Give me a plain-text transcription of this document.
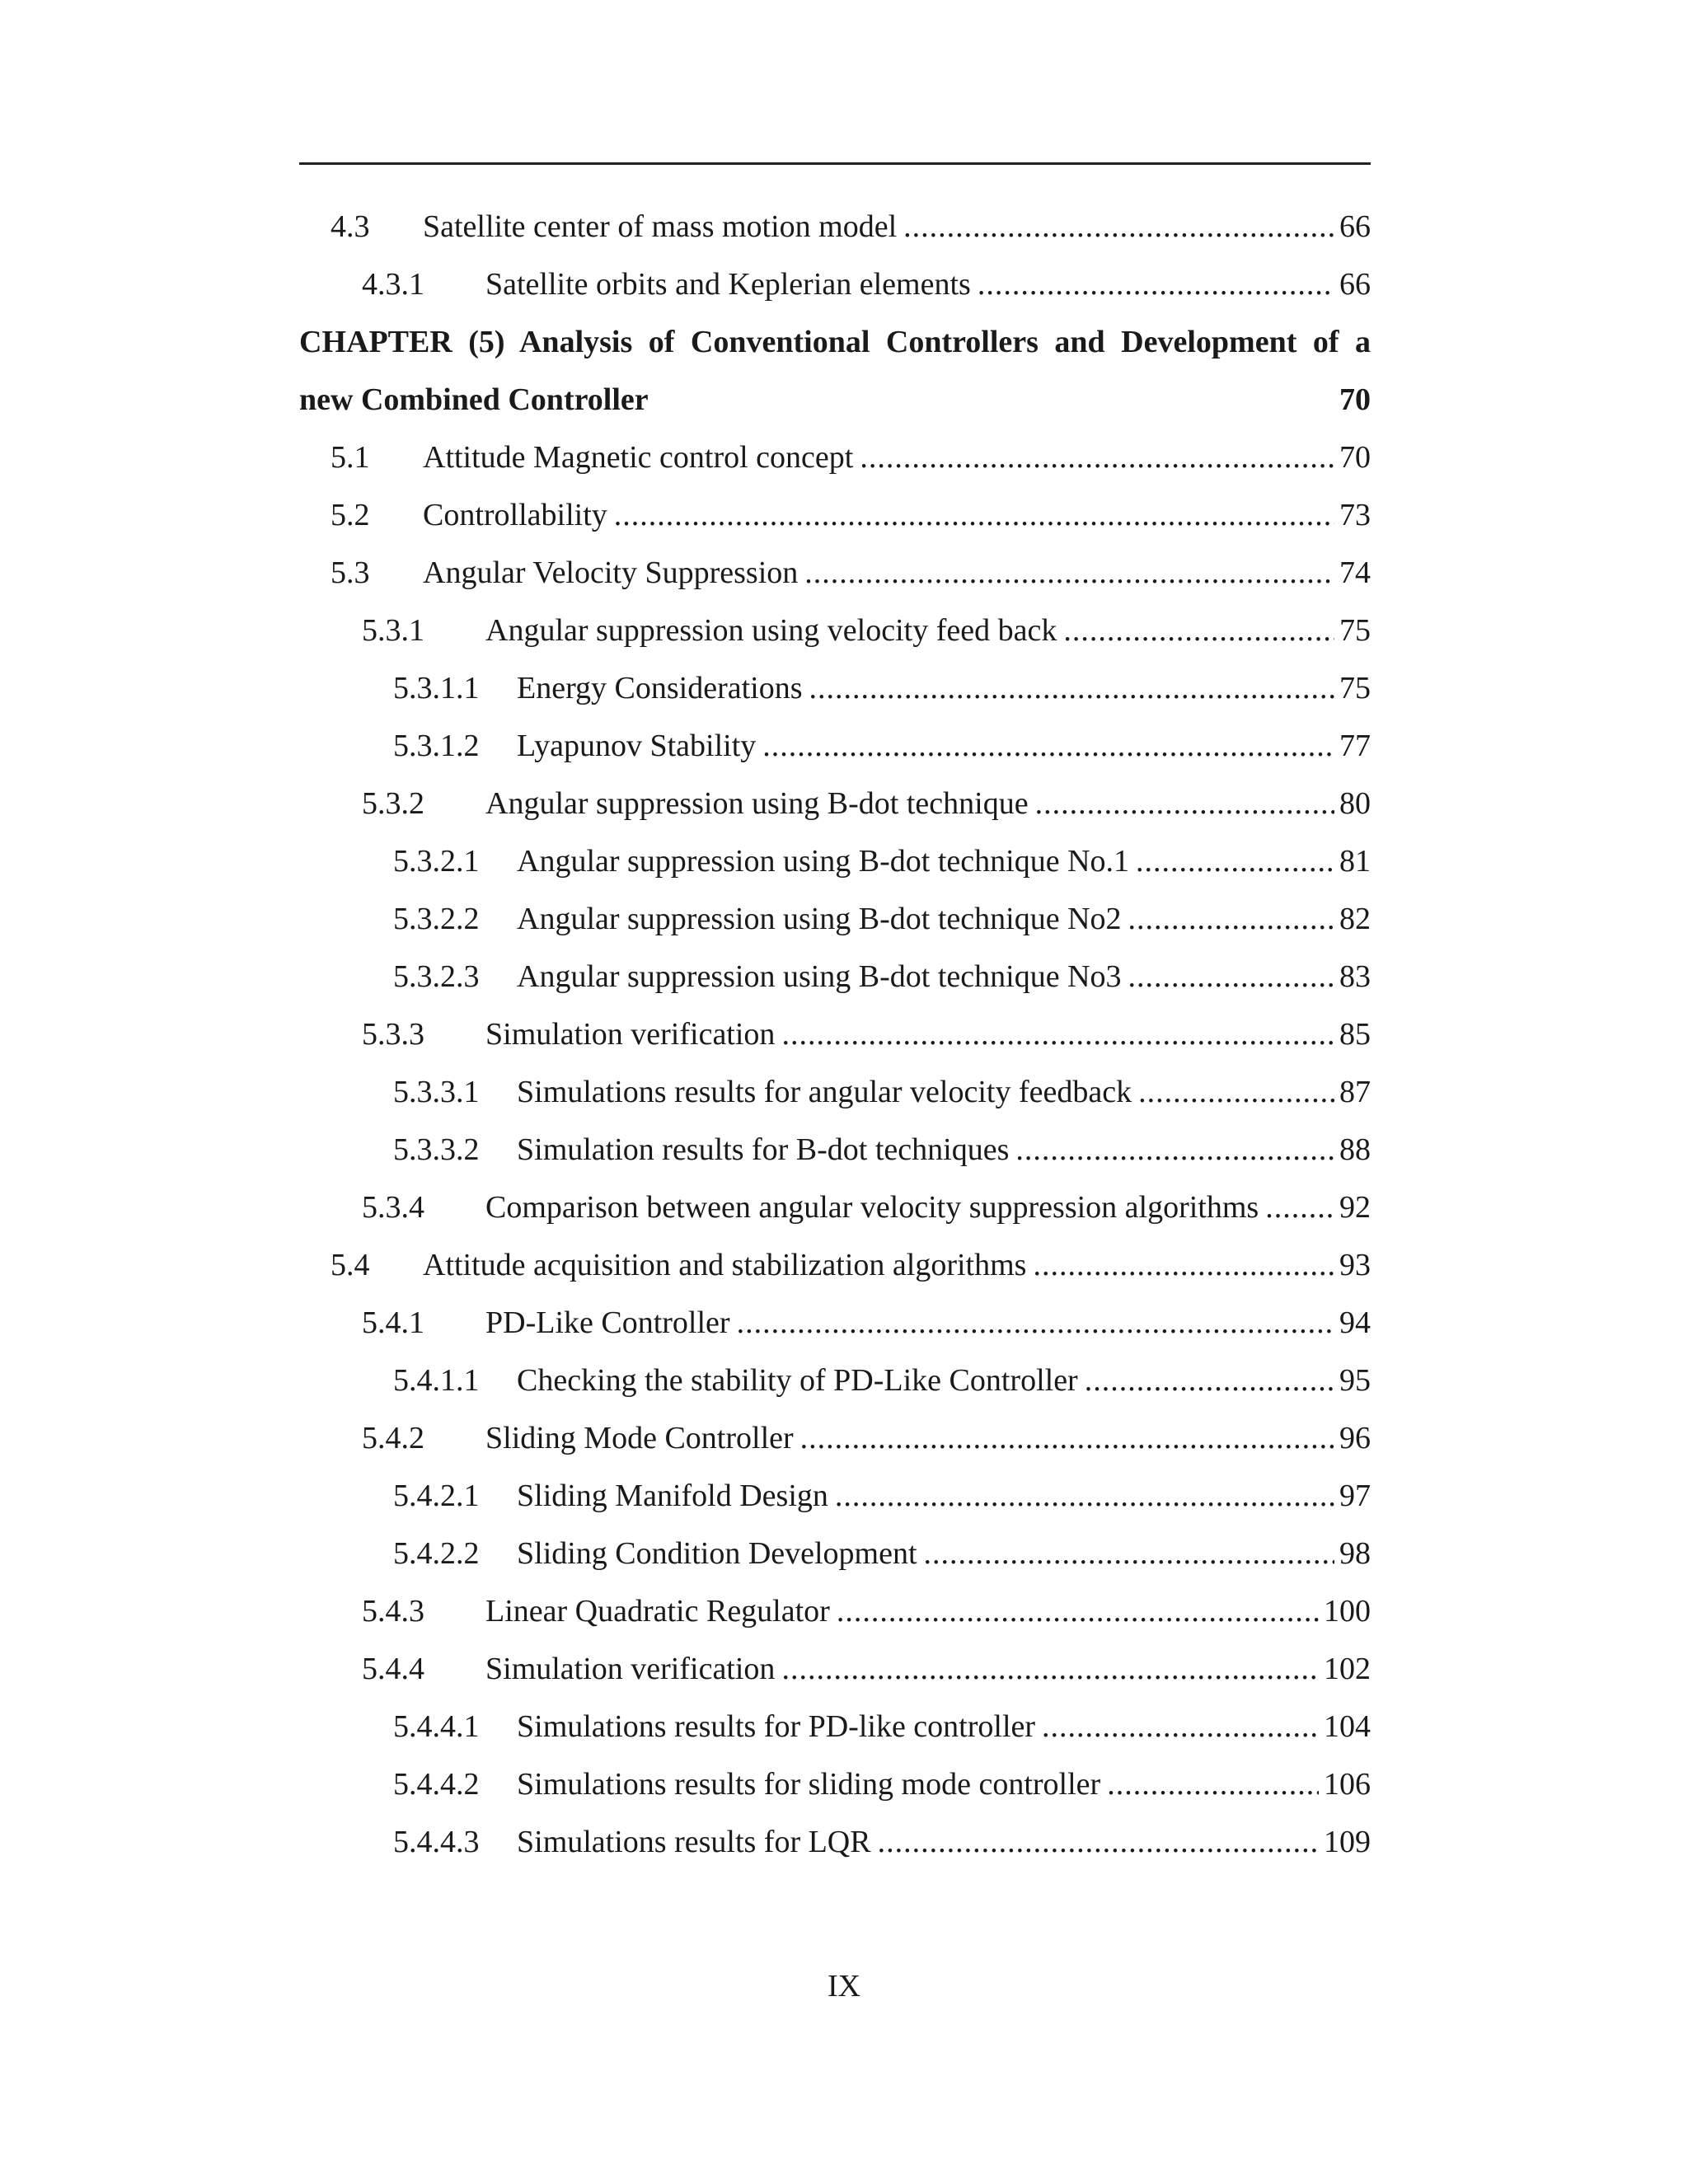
4.3	Satellite center of mass motion model .....	66
4.3.1	Satellite orbits and Keplerian elements .....	66
CHAPTER (5) Analysis of Conventional Controllers and Development of a
new Combined Controller	70
5.1	Attitude Magnetic control concept .....	70
5.2	Controllability .....	73
5.3	Angular Velocity Suppression .....	74
5.3.1	Angular suppression using velocity feed back .....	75
5.3.1.1	Energy Considerations .....	75
5.3.1.2	Lyapunov Stability .....	77
5.3.2	Angular suppression using B-dot technique .....	80
5.3.2.1	Angular suppression using B-dot technique No.1 .....	81
5.3.2.2	Angular suppression using B-dot technique No2 .....	82
5.3.2.3	Angular suppression using B-dot technique No3 .....	83
5.3.3	Simulation verification .....	85
5.3.3.1	Simulations results for angular velocity feedback .....	87
5.3.3.2	Simulation results for B-dot techniques .....	88
5.3.4	Comparison between angular velocity suppression algorithms .....	92
5.4	Attitude acquisition and stabilization algorithms .....	93
5.4.1	PD-Like Controller .....	94
5.4.1.1	Checking the stability of PD-Like Controller .....	95
5.4.2	Sliding Mode Controller .....	96
5.4.2.1	Sliding Manifold Design .....	97
5.4.2.2	Sliding Condition Development .....	98
5.4.3	Linear Quadratic Regulator .....	100
5.4.4	Simulation verification .....	102
5.4.4.1	Simulations results for PD-like controller .....	104
5.4.4.2	Simulations results for sliding mode controller .....	106
5.4.4.3	Simulations results for LQR .....	109
IX
